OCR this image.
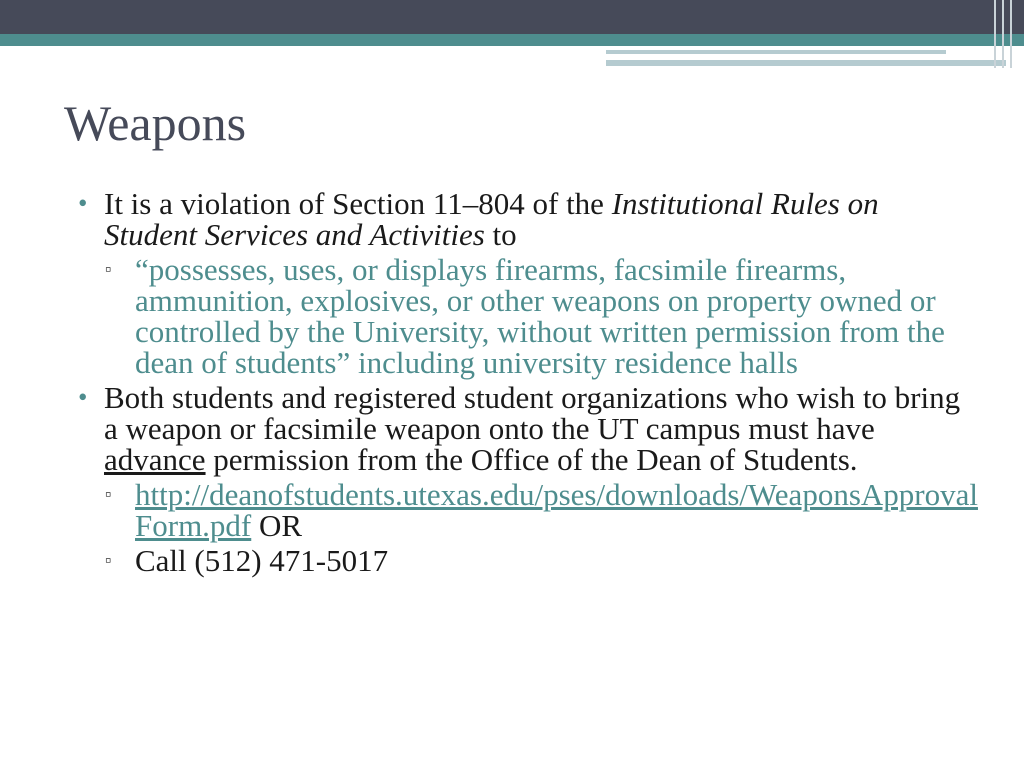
Weapons
• It is a violation of Section 11–804 of the Institutional Rules on Student Services and Activities to
▫ “possesses, uses, or displays firearms, facsimile firearms, ammunition, explosives, or other weapons on property owned or controlled by the University, without written permission from the dean of students” including university residence halls
• Both students and registered student organizations who wish to bring a weapon or facsimile weapon onto the UT campus must have advance permission from the Office of the Dean of Students.
▫ http://deanofstudents.utexas.edu/pses/downloads/WeaponsApprovalForm.pdf OR
▫ Call (512) 471-5017
